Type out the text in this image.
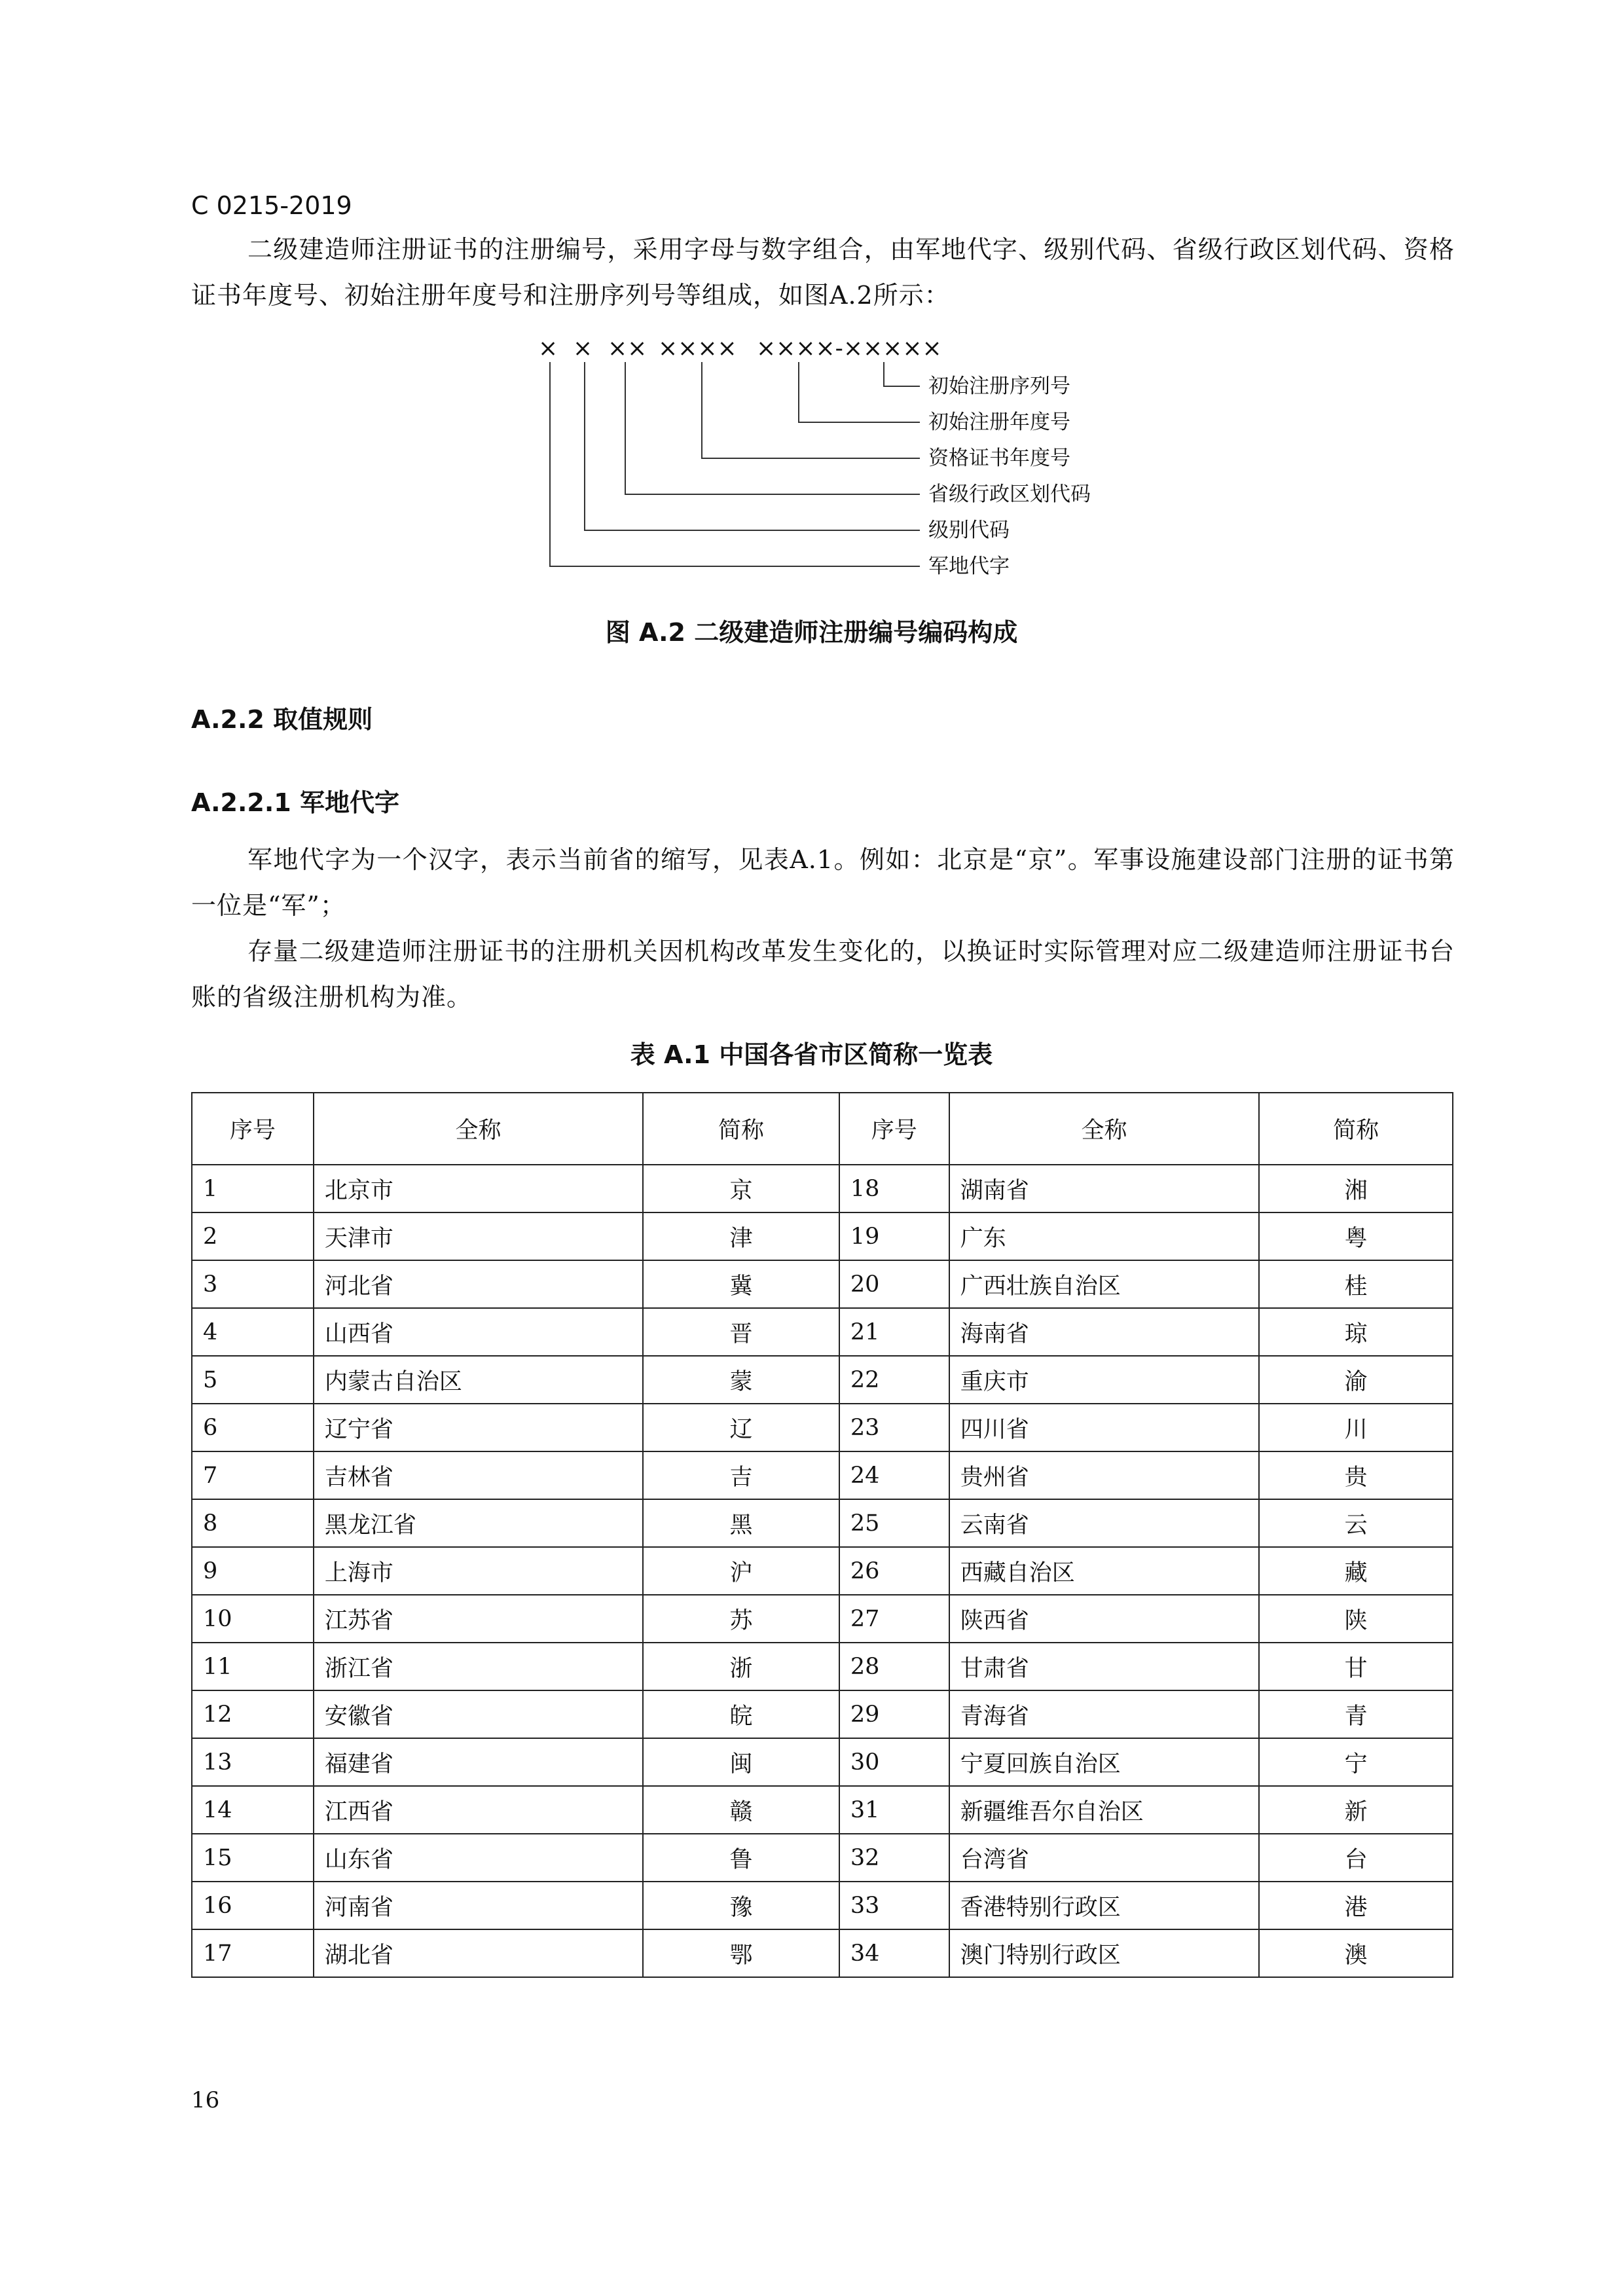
C 0215-2019

二级建造师注册证书的注册编号，采用字母与数字组合，由军地代字、级别代码、省级行政区划代码、资格证书年度号、初始注册年度号和注册序列号等组成，如图A.2所示：

× × ×× ×××× ××××-×××××
初始注册序列号
初始注册年度号
资格证书年度号
省级行政区划代码
级别代码
军地代字
图 A.2 二级建造师注册编号编码构成
A.2.2 取值规则
A.2.2.1 军地代字

军地代字为一个汉字，表示当前省的缩写，见表A.1。例如：北京是“京”。军事设施建设部门注册的证书第一位是“军”；

存量二级建造师注册证书的注册机关因机构改革发生变化的，以换证时实际管理对应二级建造师注册证书台账的省级注册机构为准。

表 A.1 中国各省市区简称一览表
序号	全称	简称	序号	全称	简称
1	北京市	京	18	湖南省	湘
2	天津市	津	19	广东	粤
3	河北省	冀	20	广西壮族自治区	桂
4	山西省	晋	21	海南省	琼
5	内蒙古自治区	蒙	22	重庆市	渝
6	辽宁省	辽	23	四川省	川
7	吉林省	吉	24	贵州省	贵
8	黑龙江省	黑	25	云南省	云
9	上海市	沪	26	西藏自治区	藏
10	江苏省	苏	27	陕西省	陕
11	浙江省	浙	28	甘肃省	甘
12	安徽省	皖	29	青海省	青
13	福建省	闽	30	宁夏回族自治区	宁
14	江西省	赣	31	新疆维吾尔自治区	新
15	山东省	鲁	32	台湾省	台
16	河南省	豫	33	香港特别行政区	港
17	湖北省	鄂	34	澳门特别行政区	澳
16
